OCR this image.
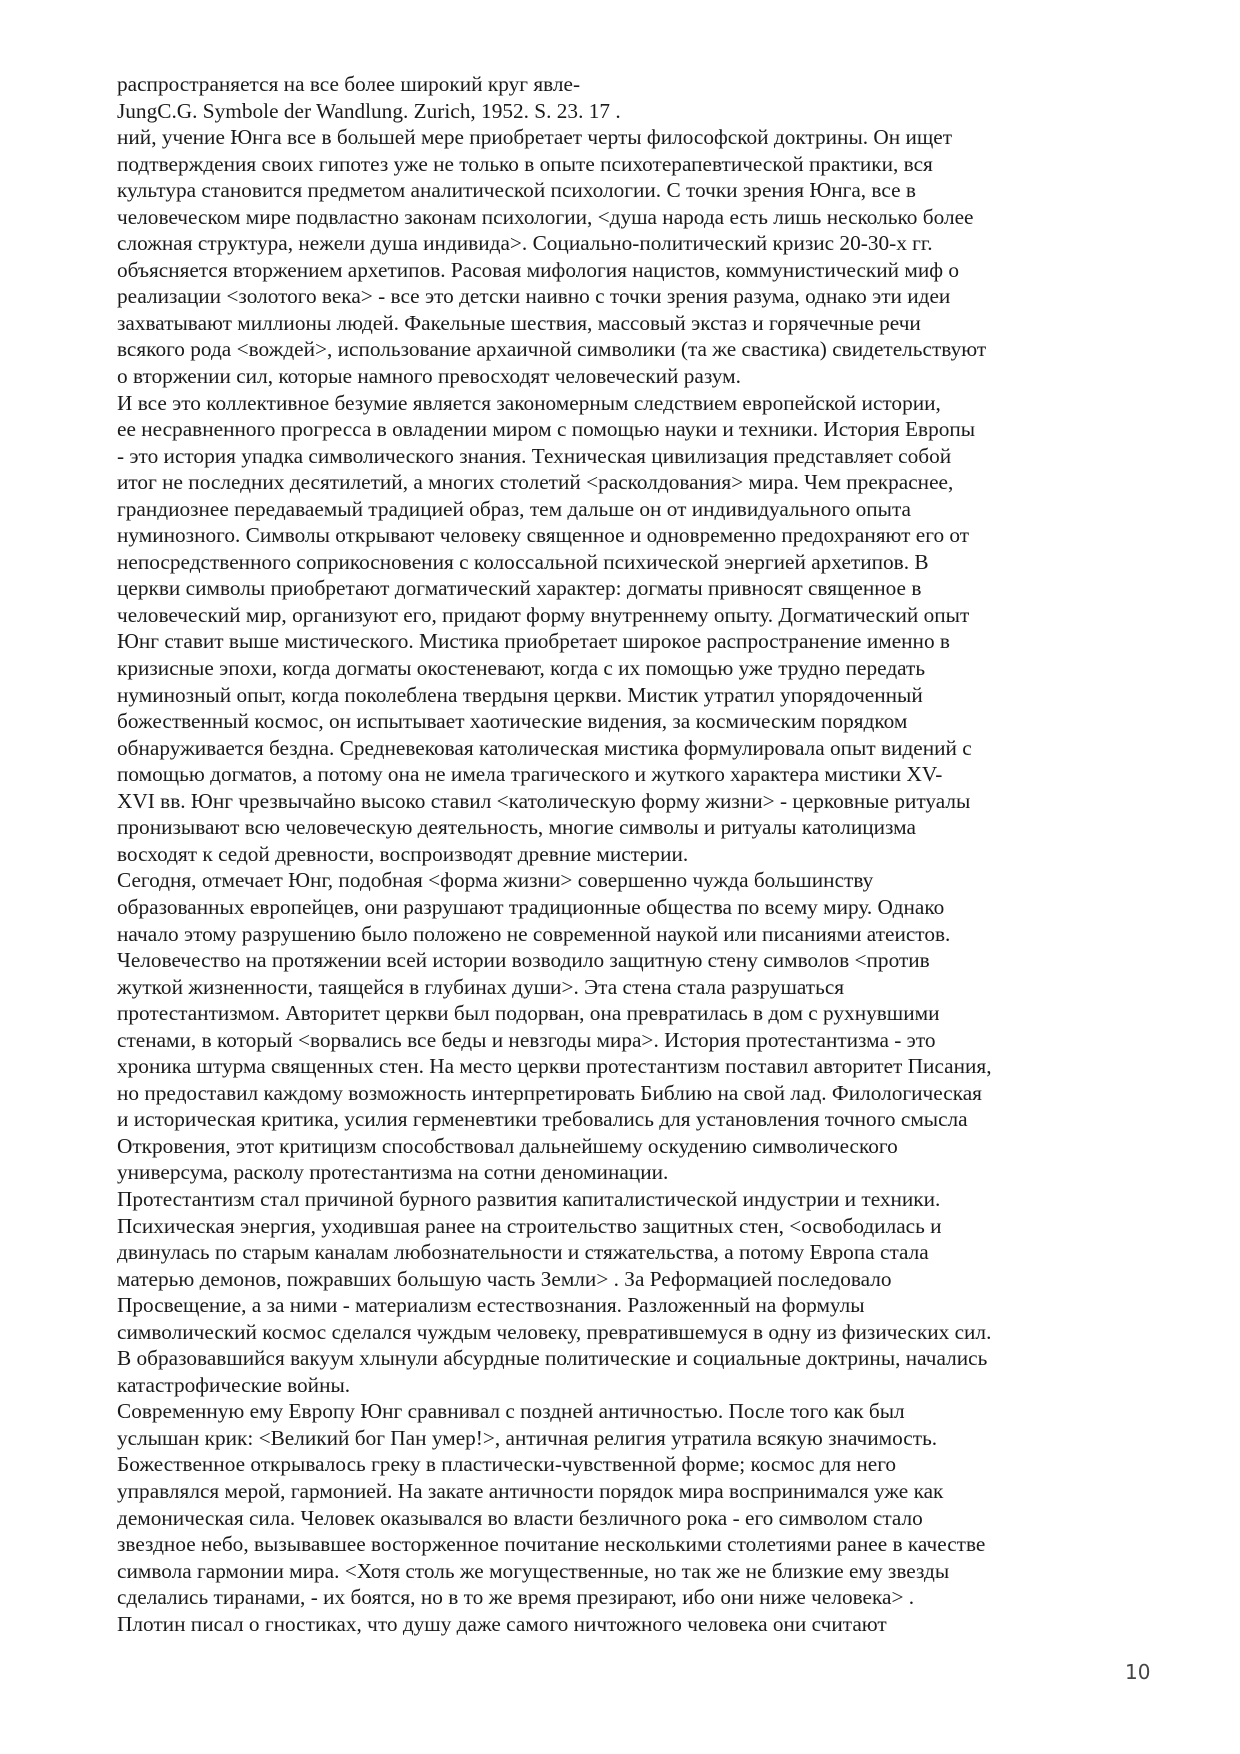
распространяется на все более широкий круг явле-
JungC.G. Symbole der Wandlung. Zurich, 1952. S. 23. 17 .
ний, учение Юнга все в большей мере приобретает черты философской доктрины. Он ищет
подтверждения своих гипотез уже не только в опыте психотерапевтической практики, вся
культура становится предметом аналитической психологии. С точки зрения Юнга, все в
человеческом мире подвластно законам психологии, <душа народа есть лишь несколько более
сложная структура, нежели душа индивида>. Социально-политический кризис 20-30-х гг.
объясняется вторжением архетипов. Расовая мифология нацистов, коммунистический миф о
реализации <золотого века> - все это детски наивно с точки зрения разума, однако эти идеи
захватывают миллионы людей. Факельные шествия, массовый экстаз и горячечные речи
всякого рода <вождей>, использование архаичной символики (та же свастика) свидетельствуют
о вторжении сил, которые намного превосходят человеческий разум.
И все это коллективное безумие является закономерным следствием европейской истории,
ее несравненного прогресса в овладении миром с помощью науки и техники. История Европы
- это история упадка символического знания. Техническая цивилизация представляет собой
итог не последних десятилетий, а многих столетий <расколдования> мира. Чем прекраснее,
грандиознее передаваемый традицией образ, тем дальше он от индивидуального опыта
нуминозного. Символы открывают человеку священное и одновременно предохраняют его от
непосредственного соприкосновения с колоссальной психической энергией архетипов. В
церкви символы приобретают догматический характер: догматы привносят священное в
человеческий мир, организуют его, придают форму внутреннему опыту. Догматический опыт
Юнг ставит выше мистического. Мистика приобретает широкое распространение именно в
кризисные эпохи, когда догматы окостеневают, когда с их помощью уже трудно передать
нуминозный опыт, когда поколеблена твердыня церкви. Мистик утратил упорядоченный
божественный космос, он испытывает хаотические видения, за космическим порядком
обнаруживается бездна. Средневековая католическая мистика формулировала опыт видений с
помощью догматов, а потому она не имела трагического и жуткого характера мистики XV-
XVI вв. Юнг чрезвычайно высоко ставил <католическую форму жизни> - церковные ритуалы
пронизывают всю человеческую деятельность, многие символы и ритуалы католицизма
восходят к седой древности, воспроизводят древние мистерии.
Сегодня, отмечает Юнг, подобная <форма жизни> совершенно чужда большинству
образованных европейцев, они разрушают традиционные общества по всему миру. Однако
начало этому разрушению было положено не современной наукой или писаниями атеистов.
Человечество на протяжении всей истории возводило защитную стену символов <против
жуткой жизненности, таящейся в глубинах души>. Эта стена стала разрушаться
протестантизмом. Авторитет церкви был подорван, она превратилась в дом с рухнувшими
стенами, в который <ворвались все беды и невзгоды мира>. История протестантизма - это
хроника штурма священных стен. На место церкви протестантизм поставил авторитет Писания,
но предоставил каждому возможность интерпретировать Библию на свой лад. Филологическая
и историческая критика, усилия герменевтики требовались для установления точного смысла
Откровения, этот критицизм способствовал дальнейшему оскудению символического
универсума, расколу протестантизма на сотни деноминации.
Протестантизм стал причиной бурного развития капиталистической индустрии и техники.
Психическая энергия, уходившая ранее на строительство защитных стен, <освободилась и
двинулась по старым каналам любознательности и стяжательства, а потому Европа стала
матерью демонов, пожравших большую часть Земли> . За Реформацией последовало
Просвещение, а за ними - материализм естествознания. Разложенный на формулы
символический космос сделался чуждым человеку, превратившемуся в одну из физических сил.
В образовавшийся вакуум хлынули абсурдные политические и социальные доктрины, начались
катастрофические войны.
Современную ему Европу Юнг сравнивал с поздней античностью. После того как был
услышан крик: <Великий бог Пан умер!>, античная религия утратила всякую значимость.
Божественное открывалось греку в пластически-чувственной форме; космос для него
управлялся мерой, гармонией. На закате античности порядок мира воспринимался уже как
демоническая сила. Человек оказывался во власти безличного рока - его символом стало
звездное небо, вызывавшее восторженное почитание несколькими столетиями ранее в качестве
символа гармонии мира. <Хотя столь же могущественные, но так же не близкие ему звезды
сделались тиранами, - их боятся, но в то же время презирают, ибо они ниже человека> .
Плотин писал о гностиках, что душу даже самого ничтожного человека они считают
10
